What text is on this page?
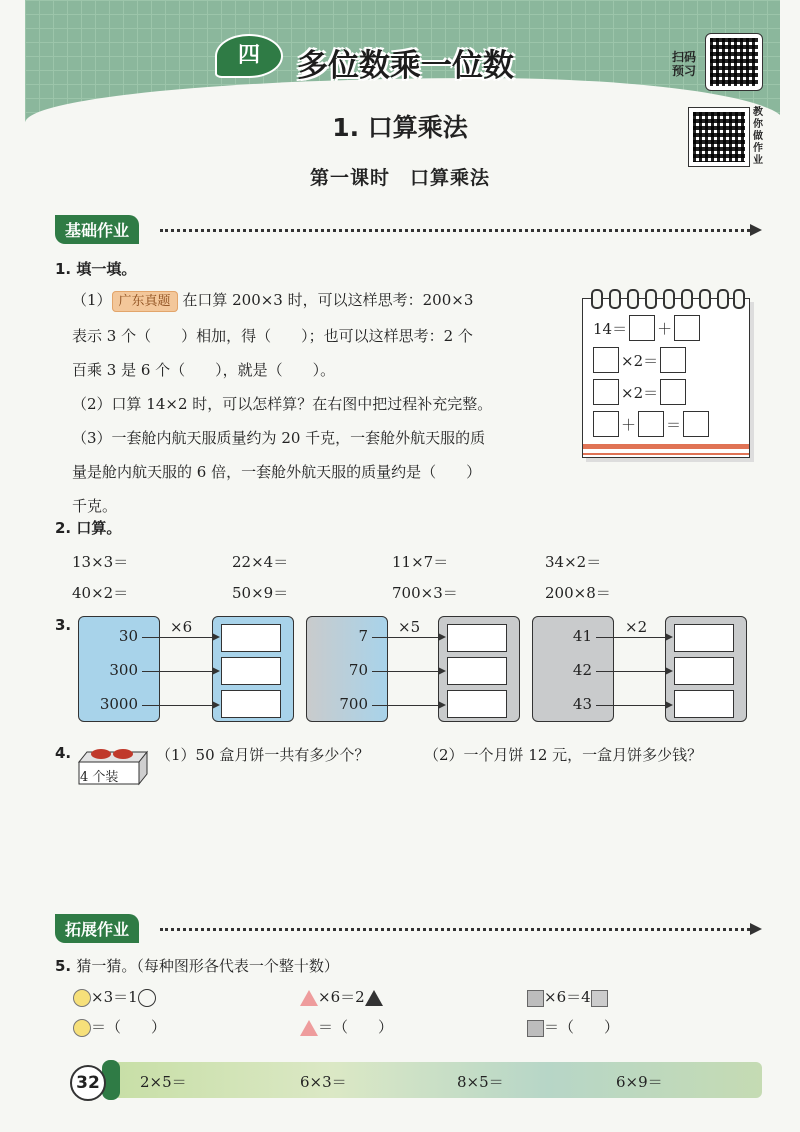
四	多位数乘一位数	扫码预习
教你做作业
1. 口算乘法
第一课时　口算乘法
基础作业
1. 填一填。
（1） 广东真题 在口算 200×3 时，可以这样思考：200×3
表示 3 个（　　）相加，得（　　）；也可以这样思考：2 个
百乘 3 是 6 个（　　），就是（　　）。
（2）口算 14×2 时，可以怎样算？在右图中把过程补充完整。
（3）一套舱内航天服质量约为 20 千克，一套舱外航天服的质
量是舱内航天服的 6 倍，一套舱外航天服的质量约是（　　）
千克。
14＝ ＋
×2＝
×2＝
＋ ＝
2. 口算。
13×3＝	22×4＝	11×7＝	34×2＝
40×2＝	50×9＝	700×3＝	200×8＝
3.
30
300
3000
×6	7
70
700
×5	41
42
43
×2
4.
4 个装
（1）50 盒月饼一共有多少个？	（2）一个月饼 12 元，一盒月饼多少钱？
拓展作业
5. 猜一猜。（每种图形各代表一个整十数）
×3＝1
＝（　　）
×6＝2
＝（　　）
×6＝4
＝（　　）
32	2×5＝	6×3＝	8×5＝	6×9＝
